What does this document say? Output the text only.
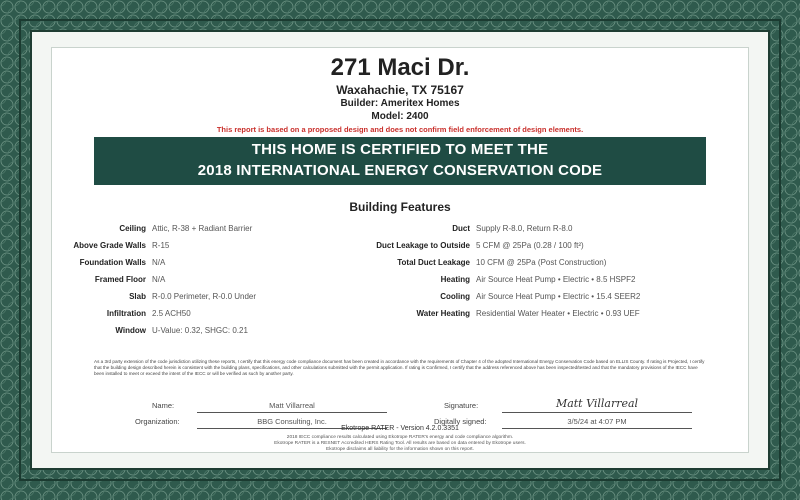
271 Maci Dr.
Waxahachie, TX 75167
Builder: Ameritex Homes
Model: 2400
This report is based on a proposed design and does not confirm field enforcement of design elements.
THIS HOME IS CERTIFIED TO MEET THE
2018 INTERNATIONAL ENERGY CONSERVATION CODE
Building Features
Ceiling Attic, R-38 + Radiant Barrier
Above Grade Walls R-15
Foundation Walls N/A
Framed Floor N/A
Slab R-0.0 Perimeter, R-0.0 Under
Infiltration 2.5 ACH50
Window U-Value: 0.32, SHGC: 0.21
Duct Supply R-8.0, Return R-8.0
Duct Leakage to Outside 5 CFM @ 25Pa (0.28 / 100 ft²)
Total Duct Leakage 10 CFM @ 25Pa (Post Construction)
Heating Air Source Heat Pump • Electric • 8.5 HSPF2
Cooling Air Source Heat Pump • Electric • 15.4 SEER2
Water Heating Residential Water Heater • Electric • 0.93 UEF
As a 3rd party extension of the code jurisdiction utilizing these reports, I certify that this energy code compliance document has been created in accordance with the requirements of Chapter 4 of the adopted International Energy Conservation Code based on ELLIS County. If rating is Projected, I certify that the building design described herein is consistent with the building plans, specifications, and other calculations submitted with the permit application. If rating is Confirmed, I certify that the address referenced above has been inspected/tested and that the mandatory provisions of the IECC have been installed to meet or exceed the intent of the IECC or will be verified as such by another party.
Name:	Matt Villarreal	Signature:	Matt Villarreal
Organization:	BBG Consulting, Inc.	Digitally signed:	3/5/24 at 4:07 PM
Ekotrope RATER - Version 4.2.0.3351
2018 IECC compliance results calculated using Ekotrope RATER's energy and code compliance algorithm.
Ekotrope RATER is a RESNET Accredited HERS Rating Tool. All results are based on data entered by Ekotrope users.
Ekotrope disclaims all liability for the information shown on this report.
